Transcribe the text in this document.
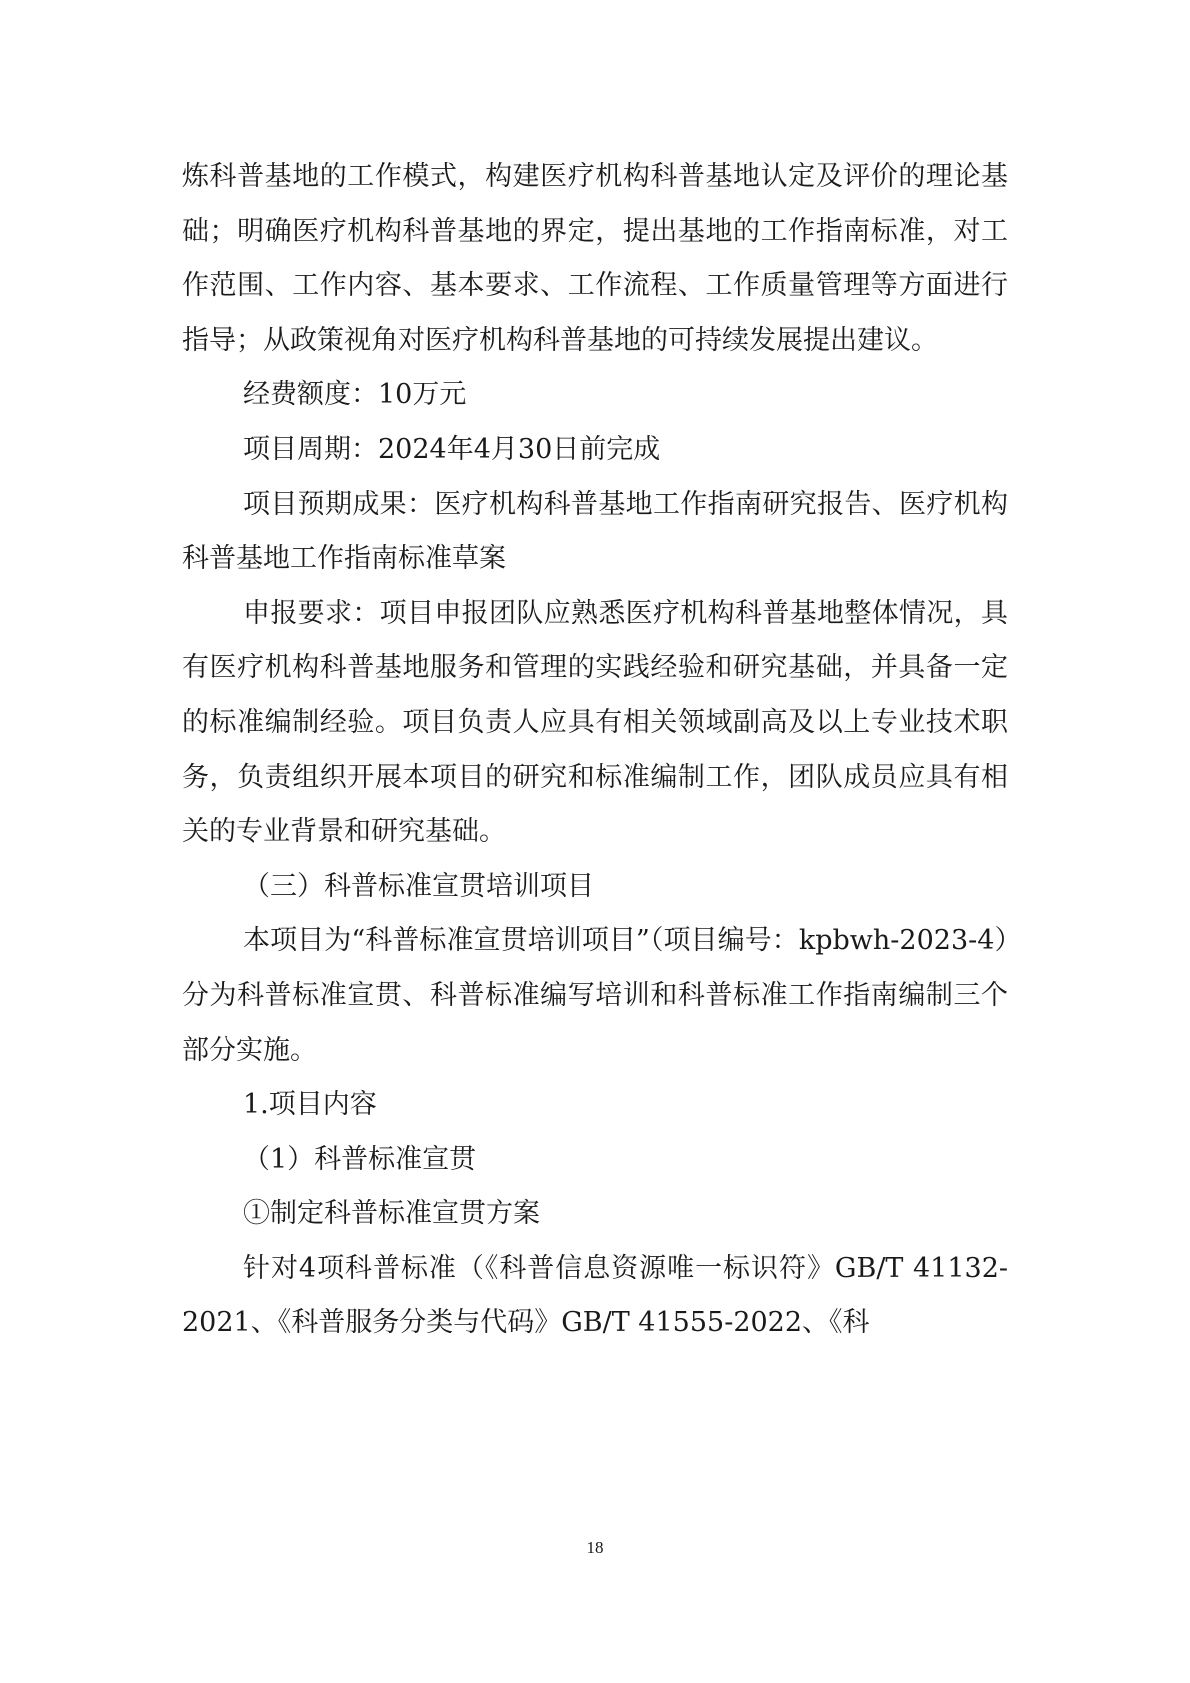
炼科普基地的工作模式，构建医疗机构科普基地认定及评价的理论基础；明确医疗机构科普基地的界定，提出基地的工作指南标准，对工作范围、工作内容、基本要求、工作流程、工作质量管理等方面进行指导；从政策视角对医疗机构科普基地的可持续发展提出建议。

经费额度：10万元

项目周期：2024年4月30日前完成

项目预期成果：医疗机构科普基地工作指南研究报告、医疗机构科普基地工作指南标准草案

申报要求：项目申报团队应熟悉医疗机构科普基地整体情况，具有医疗机构科普基地服务和管理的实践经验和研究基础，并具备一定的标准编制经验。项目负责人应具有相关领域副高及以上专业技术职务，负责组织开展本项目的研究和标准编制工作，团队成员应具有相关的专业背景和研究基础。

（三）科普标准宣贯培训项目

本项目为“科普标准宣贯培训项目”（项目编号：kpbwh-2023-4）分为科普标准宣贯、科普标准编写培训和科普标准工作指南编制三个部分实施。

1.项目内容

（1）科普标准宣贯

①制定科普标准宣贯方案

针对4项科普标准（《科普信息资源唯一标识符》GB/T 41132-2021、《科普服务分类与代码》GB/T 41555-2022、《科

18
